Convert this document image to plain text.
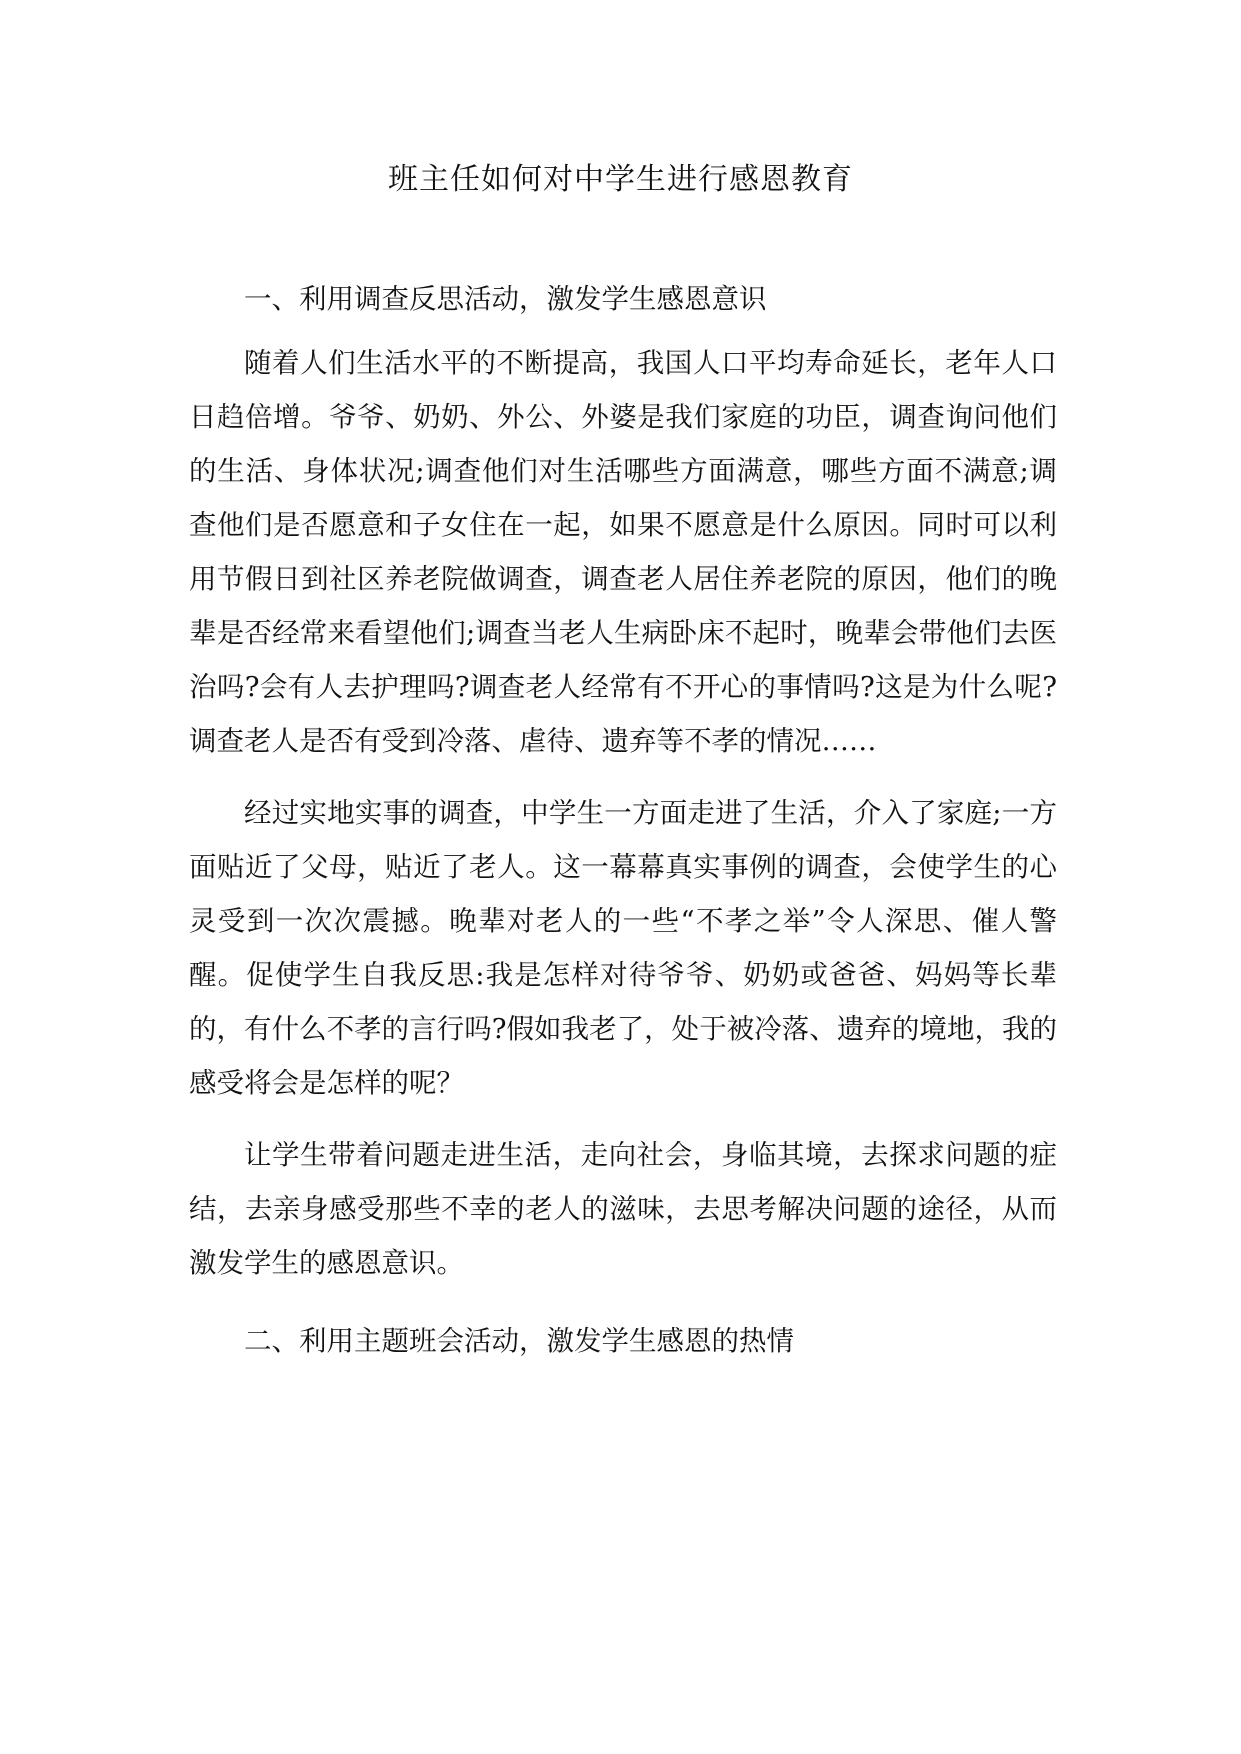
班主任如何对中学生进行感恩教育

一、利用调查反思活动，激发学生感恩意识

随着人们生活水平的不断提高，我国人口平均寿命延长，老年人口日趋倍增。爷爷、奶奶、外公、外婆是我们家庭的功臣，调查询问他们的生活、身体状况;调查他们对生活哪些方面满意，哪些方面不满意;调查他们是否愿意和子女住在一起，如果不愿意是什么原因。同时可以利用节假日到社区养老院做调查，调查老人居住养老院的原因，他们的晚辈是否经常来看望他们;调查当老人生病卧床不起时，晚辈会带他们去医治吗?会有人去护理吗?调查老人经常有不开心的事情吗?这是为什么呢?调查老人是否有受到冷落、虐待、遗弃等不孝的情况……

经过实地实事的调查，中学生一方面走进了生活，介入了家庭;一方面贴近了父母，贴近了老人。这一幕幕真实事例的调查，会使学生的心灵受到一次次震撼。晚辈对老人的一些“不孝之举”令人深思、催人警醒。促使学生自我反思:我是怎样对待爷爷、奶奶或爸爸、妈妈等长辈的，有什么不孝的言行吗?假如我老了，处于被冷落、遗弃的境地，我的感受将会是怎样的呢？

让学生带着问题走进生活，走向社会，身临其境，去探求问题的症结，去亲身感受那些不幸的老人的滋味，去思考解决问题的途径，从而激发学生的感恩意识。

二、利用主题班会活动，激发学生感恩的热情
